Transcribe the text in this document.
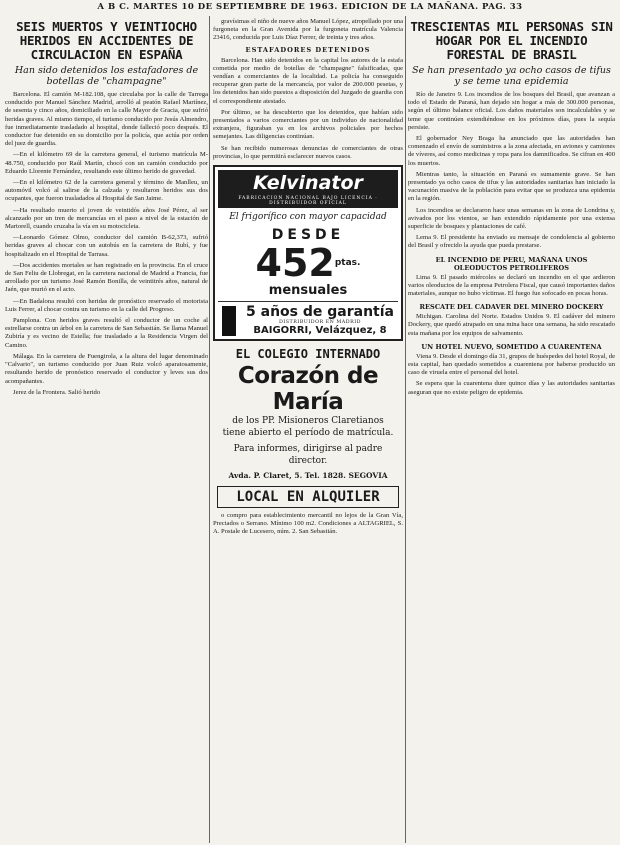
A B C. MARTES 10 DE SEPTIEMBRE DE 1963. EDICION DE LA MAÑANA. PAG. 33
SEIS MUERTOS Y VEINTIOCHO HERIDOS EN ACCIDENTES DE CIRCULACION EN ESPAÑA
Han sido detenidos los estafadores de botellas de "champagne"

Barcelona. El camión M-182.108, que circulaba por la calle de Tarrega conducido por Manuel Sánchez Madrid, arrolló al peatón Rafael Martínez, de sesenta y cinco años, domiciliado en la calle Mayor de Gracia, que sufrió heridas graves. Al mismo tiempo, el turismo conducido por Jesús Almendro, fue inmediatamente trasladado al hospital, donde falleció poco después. El conductor fue detenido en su domicilio por la policía, que actúa por orden del juez de guardia.

—En el kilómetro 69 de la carretera general, el turismo matrícula M-48.750, conducido por Raúl Martín, chocó con un camión conducido por Eduardo Llorente Fernández, resultando este último herido de gravedad.

—En el kilómetro 62 de la carretera general y término de Manlleu, un automóvil volcó al salirse de la calzada y resultaron heridos sus dos ocupantes, que fueron trasladados al Hospital de San Jaime.

—Ha resultado muerto el joven de veintidós años José Pérez, al ser alcanzado por un tren de mercancías en el paso a nivel de la estación de Martorell, cuando cruzaba la vía en su motocicleta.

—Leonardo Gómez Olmo, conductor del camión B-62,373, sufrió heridas graves al chocar con un autobús en la carretera de Rubí, y fue hospitalizado en el Hospital de Tarrasa.

—Dos accidentes mortales se han registrado en la provincia. En el cruce de San Feliu de Llobregat, en la carretera nacional de Madrid a Francia, fue arrollado por un turismo José Ramón Bonilla, de veintitrés años, natural de Jaén, que murió en el acto.

—En Badalona resultó con heridas de pronóstico reservado el motorista Luis Ferrer, al chocar contra un turismo en la calle del Progreso.

Pamplona. Con heridos graves resultó el conductor de un coche al estrellarse contra un árbol en la carretera de San Sebastián. Se llama Manuel Zubiría y es vecino de Estella; fue trasladado a la Residencia Virgen del Camino.

Málaga. En la carretera de Fuengirola, a la altura del lugar denominado "Calvario", un turismo conducido por Juan Ruiz volcó aparatosamente, resultando herido de pronóstico reservado el conductor y leves sus dos acompañantes.

Jerez de la Frontera. Salió herido

gravísimas el niño de nueve años Manuel López, atropellado por una furgoneta en la Gran Avenida por la furgoneta matrícula Valencia 23416, conducida por Luis Díaz Ferrer, de treinta y tres años.

ESTAFADORES DETENIDOS

Barcelona. Han sido detenidos en la capital los autores de la estafa cometida por medio de botellas de "champagne" falsificadas, que vendían a comerciantes de la localidad. La policía ha conseguido recuperar gran parte de la mercancía, por valor de 200.000 pesetas, y los detenidos han sido puestos a disposición del Juzgado de guardia con el correspondiente atestado.

Por último, se ha descubierto que los detenidos, que habían sido presentados a varios comerciantes por un individuo de nacionalidad extranjera, figuraban ya en los archivos policiales por hechos semejantes. Las diligencias continúan.

Se han recibido numerosas denuncias de comerciantes de otras provincias, lo que permitirá esclarecer nuevos casos.

Kelvinator
FABRICACION NACIONAL BAJO LICENCIA · DISTRIBUIDOR OFICIAL
El frigorífico con mayor capacidad
DESDE
$452^{ptas.}$
mensuales
5 años de garantía
DISTRIBUIDOR EN MADRID
BAIGORRI, Velázquez, 8
EL COLEGIO INTERNADO
Corazón de María
de los PP. Misioneros Claretianos
tiene abierto el período de matrícula.
Para informes, dirigirse al padre director.
Avda. P. Claret, 5. Tel. 1828. SEGOVIA
LOCAL EN ALQUILER

o compro para establecimiento mercantil no lejos de la Gran Vía, Preciados o Serrano. Mínimo 100 m2. Condiciones a ALTAGRIEL, S. A. Postale de Lucesero, núm. 2. San Sebastián.

TRESCIENTAS MIL PERSONAS SIN HOGAR POR EL INCENDIO FORESTAL DE BRASIL
Se han presentado ya ocho casos de tifus y se teme una epidemia

Río de Janeiro 9. Los incendios de los bosques del Brasil, que avanzan a todo el Estado de Paraná, han dejado sin hogar a más de 300.000 personas, según el último balance oficial. Los daños materiales son incalculables y se teme que continúen extendiéndose en los próximos días, pues la sequía persiste.

El gobernador Ney Braga ha anunciado que las autoridades han comenzado el envío de suministros a la zona afectada, en aviones y camiones de víveres, así como medicinas y ropa para los damnificados. Se cifran en 400 los muertos.

Mientras tanto, la situación en Paraná es sumamente grave. Se han presentado ya ocho casos de tifus y las autoridades sanitarias han iniciado la vacunación masiva de la población para evitar que se produzca una epidemia en la región.

Los incendios se declararon hace unas semanas en la zona de Londrina y, avivados por los vientos, se han extendido rápidamente por una extensa superficie de bosques y plantaciones de café.

Lema 9. El presidente ha enviado su mensaje de condolencia al gobierno del Brasil y ofrecido la ayuda que pueda prestarse.

EL INCENDIO DE PERU, MAÑANA UNOS OLEODUCTOS PETROLIFEROS

Lima 9. El pasado miércoles se declaró un incendio en el que ardieron varios oleoductos de la empresa Petrolera Fiscal, que causó importantes daños materiales, aunque no hubo víctimas. El fuego fue sofocado en pocas horas.

RESCATE DEL CADAVER DEL MINERO DOCKERY

Michigan. Carolina del Norte. Estados Unidos 9. El cadáver del minero Dockery, que quedó atrapado en una mina hace una semana, ha sido rescatado esta mañana por los equipos de salvamento.

UN HOTEL NUEVO, SOMETIDO A CUARENTENA

Viena 9. Desde el domingo día 31, grupos de huéspedes del hotel Royal, de esta capital, han quedado sometidos a cuarentena por haberse producido un caso de viruela entre el personal del hotel.

Se espera que la cuarentena dure quince días y las autoridades sanitarias aseguran que no existe peligro de epidemia.
